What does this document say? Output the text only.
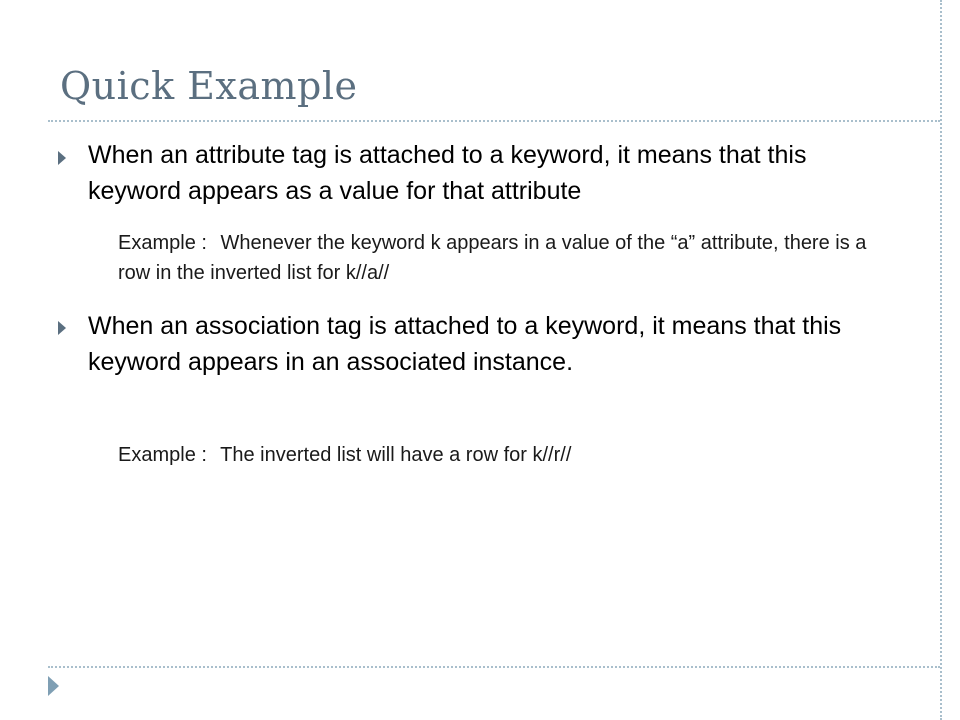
Quick Example
When an attribute tag is attached to a keyword, it means that this keyword appears as a value for that attribute
Example : Whenever the keyword k appears in a value of the “a” attribute, there is a row in the inverted list for k//a//
When an association tag is attached to a keyword, it means that this keyword appears in an associated instance.
Example : The inverted list will have a row for k//r//
